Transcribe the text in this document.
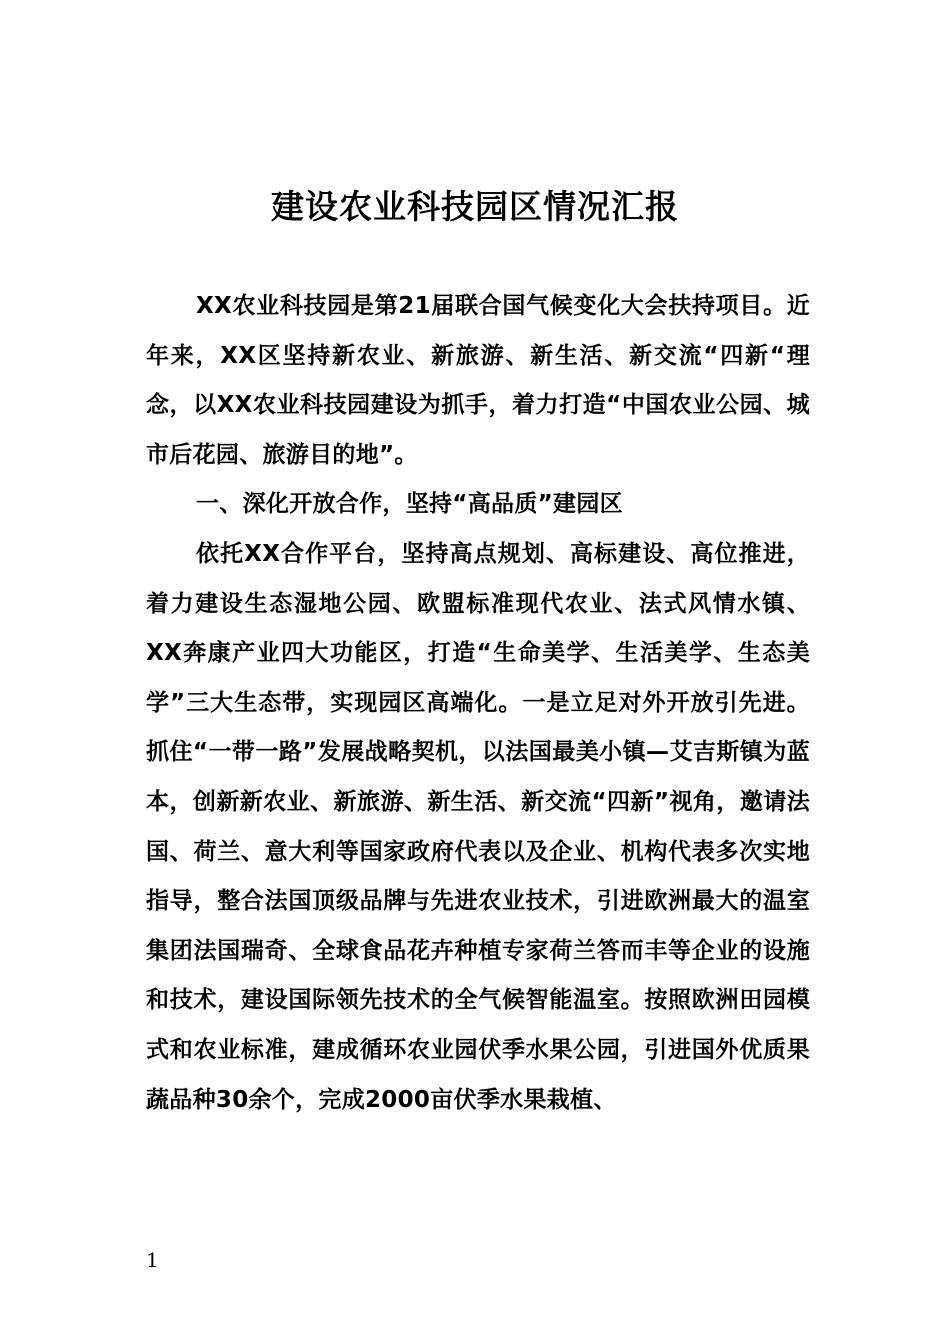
建设农业科技园区情况汇报

XX农业科技园是第21届联合国气候变化大会扶持项目。近年来，XX区坚持新农业、新旅游、新生活、新交流“四新“理念，以XX农业科技园建设为抓手，着力打造“中国农业公园、城市后花园、旅游目的地”。

一、深化开放合作，坚持“高品质”建园区

依托XX合作平台，坚持高点规划、高标建设、高位推进，着力建设生态湿地公园、欧盟标准现代农业、法式风情水镇、XX奔康产业四大功能区，打造“生命美学、生活美学、生态美学”三大生态带，实现园区高端化。一是立足对外开放引先进。抓住“一带一路”发展战略契机，以法国最美小镇—艾吉斯镇为蓝本，创新新农业、新旅游、新生活、新交流“四新”视角，邀请法国、荷兰、意大利等国家政府代表以及企业、机构代表多次实地指导，整合法国顶级品牌与先进农业技术，引进欧洲最大的温室集团法国瑞奇、全球食品花卉种植专家荷兰答而丰等企业的设施和技术，建设国际领先技术的全气候智能温室。按照欧洲田园模式和农业标准，建成循环农业园伏季水果公园，引进国外优质果蔬品种30余个，完成2000亩伏季水果栽植、

1
